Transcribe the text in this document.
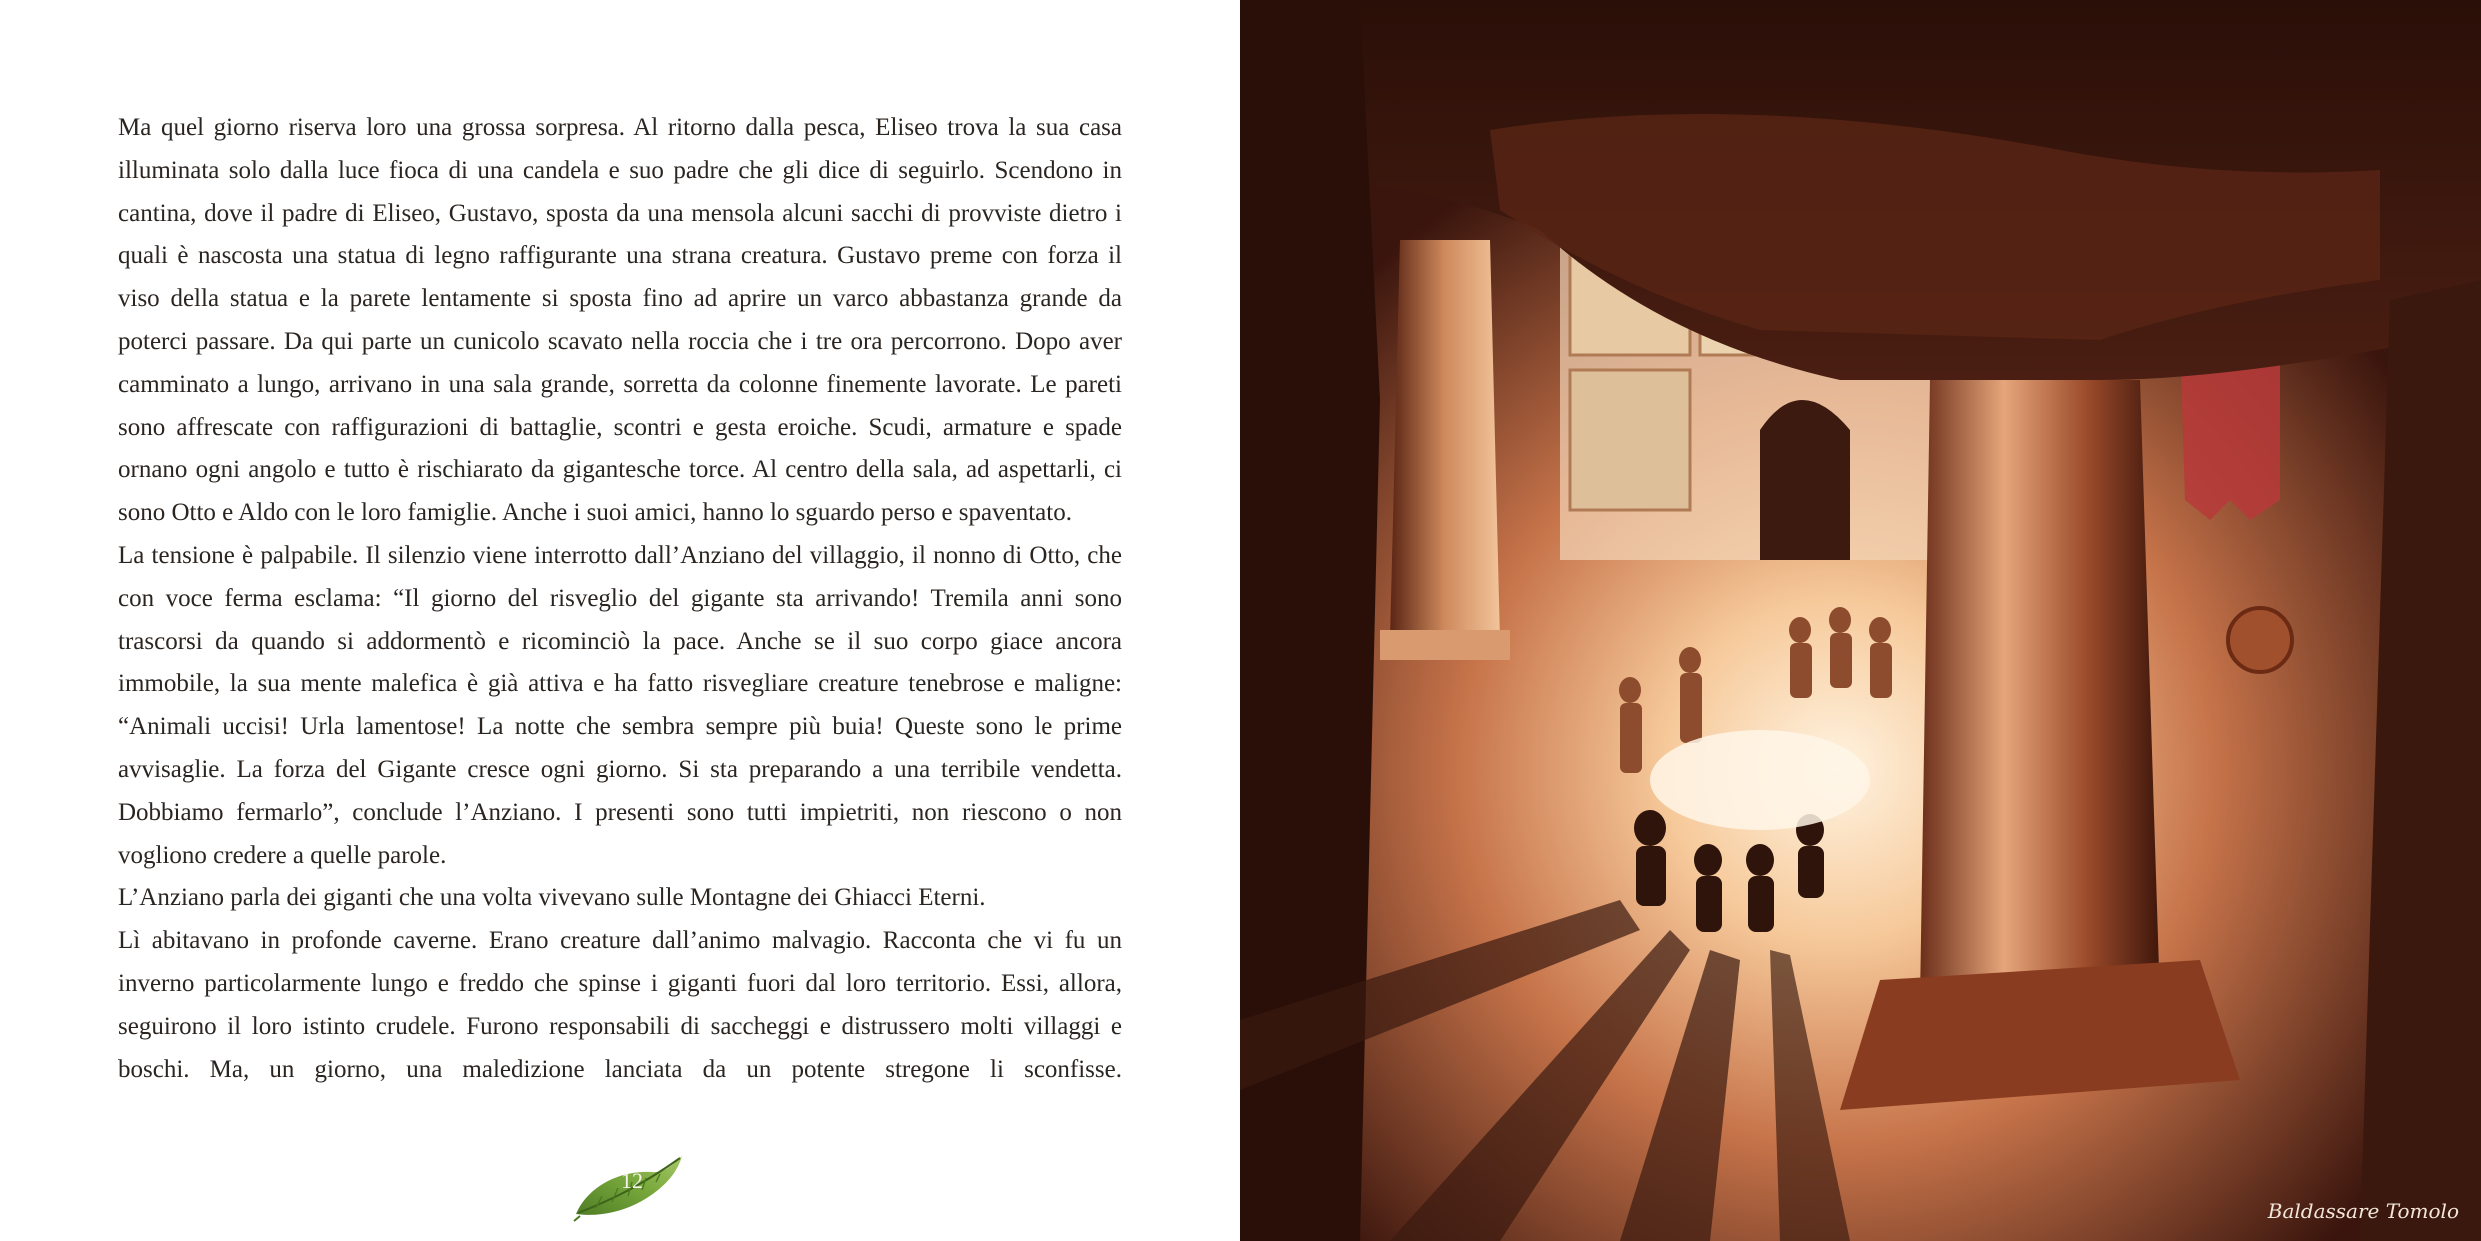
Ma quel giorno riserva loro una grossa sorpresa. Al ritorno dalla pesca, Eliseo trova la sua casa illuminata solo dalla luce fioca di una candela e suo padre che gli dice di seguirlo. Scendono in cantina, dove il padre di Eliseo, Gustavo, sposta da una mensola alcuni sacchi di provviste dietro i quali è nascosta una statua di legno raffigurante una strana creatura. Gustavo preme con forza il viso della statua e la parete lentamente si sposta fino ad aprire un varco abbastanza grande da poterci passare. Da qui parte un cunicolo scavato nella roccia che i tre ora percorrono. Dopo aver camminato a lungo, arrivano in una sala grande, sorretta da colonne finemente lavorate. Le pareti sono affrescate con raffigurazioni di battaglie, scontri e gesta eroiche. Scudi, armature e spade ornano ogni angolo e tutto è rischiarato da gigantesche torce. Al centro della sala, ad aspettarli, ci sono Otto e Aldo con le loro famiglie. Anche i suoi amici, hanno lo sguardo perso e spaventato.

La tensione è palpabile. Il silenzio viene interrotto dall’Anziano del villaggio, il nonno di Otto, che con voce ferma esclama: “Il giorno del risveglio del gigante sta arrivando! Tremila anni sono trascorsi da quando si addormentò e ricominciò la pace. Anche se il suo corpo giace ancora immobile, la sua mente malefica è già attiva e ha fatto risvegliare creature tenebrose e maligne: “Animali uccisi! Urla lamentose! La notte che sembra sempre più buia! Queste sono le prime avvisaglie. La forza del Gigante cresce ogni giorno. Si sta preparando a una terribile vendetta. Dobbiamo fermarlo”, conclude l’Anziano. I presenti sono tutti impietriti, non riescono o non vogliono credere a quelle parole.

L’Anziano parla dei giganti che una volta vivevano sulle Montagne dei Ghiacci Eterni.

Lì abitavano in profonde caverne. Erano creature dall’animo malvagio. Racconta che vi fu un inverno particolarmente lungo e freddo che spinse i giganti fuori dal loro territorio. Essi, allora, seguirono il loro istinto crudele. Furono responsabili di saccheggi e distrussero molti villaggi e boschi. Ma, un giorno, una maledizione lanciata da un potente stregone li sconfisse.

12
Baldassare Tomolo
